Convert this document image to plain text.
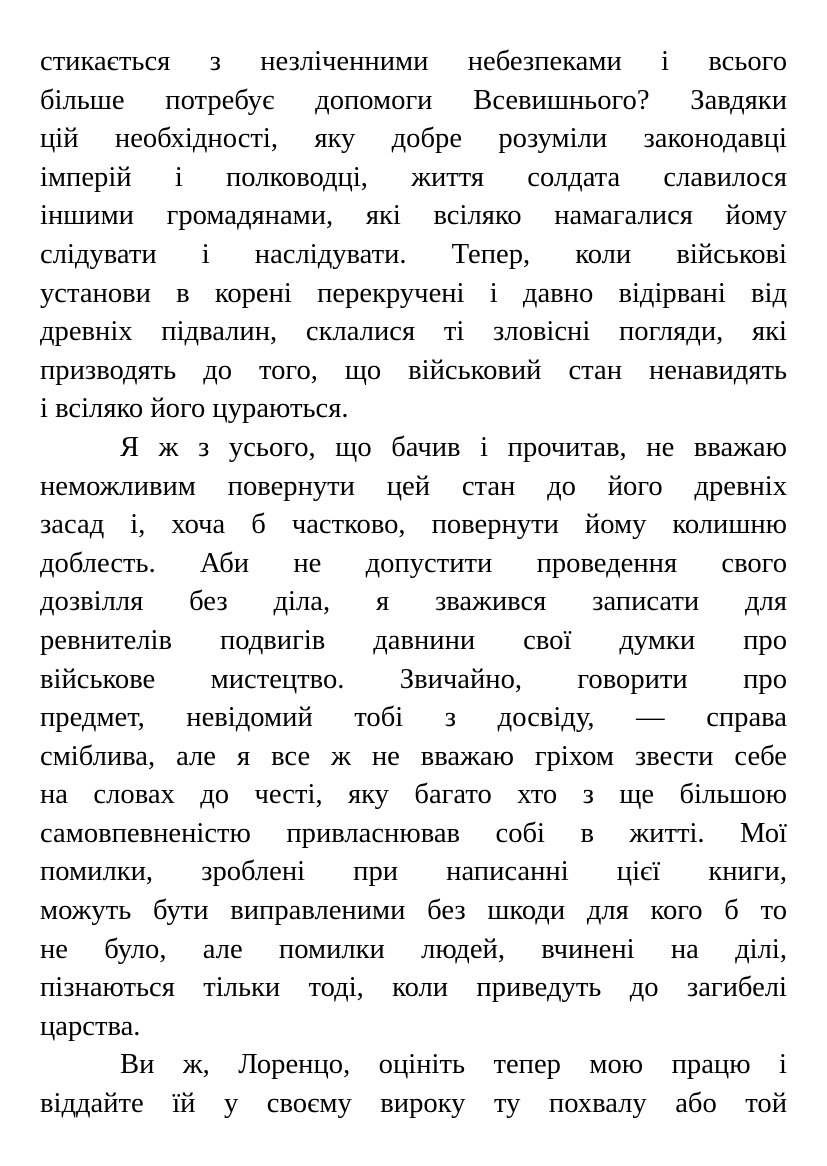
стикається з незліченними небезпеками і всього
більше потребує допомоги Всевишнього? Завдяки
цій необхідності, яку добре розуміли законодавці
імперій і полководці, життя солдата славилося
іншими громадянами, які всіляко намагалися йому
слідувати і наслідувати. Тепер, коли військові
установи в корені перекручені і давно відірвані від
древніх підвалин, склалися ті зловісні погляди, які
призводять до того, що військовий стан ненавидять
і всіляко його цураються.
Я ж з усього, що бачив і прочитав, не вважаю
неможливим повернути цей стан до його древніх
засад і, хоча б частково, повернути йому колишню
доблесть. Аби не допустити проведення свого
дозвілля без діла, я зважився записати для
ревнителів подвигів давнини свої думки про
військове мистецтво. Звичайно, говорити про
предмет, невідомий тобі з досвіду, — справа
сміблива, але я все ж не вважаю гріхом звести себе
на словах до честі, яку багато хто з ще більшою
самовпевненістю привласнював собі в житті. Мої
помилки, зроблені при написанні цієї книги,
можуть бути виправленими без шкоди для кого б то
не було, але помилки людей, вчинені на ділі,
пізнаються тільки тоді, коли приведуть до загибелі
царства.
Ви ж, Лоренцо, оцініть тепер мою працю і
віддайте їй у своєму вироку ту похвалу або той
